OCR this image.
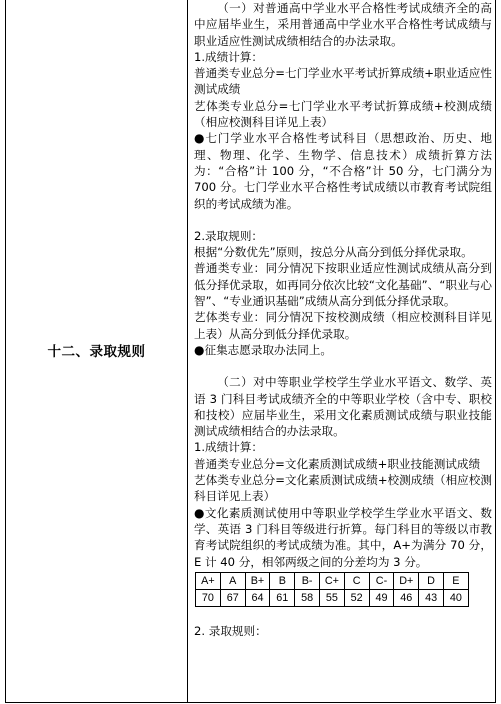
十二、录取规则

（一）对普通高中学业水平合格性考试成绩齐全的高中应届毕业生，采用普通高中学业水平合格性考试成绩与职业适应性测试成绩相结合的办法录取。

1.成绩计算：

普通类专业总分=七门学业水平考试折算成绩+职业适应性测试成绩

艺体类专业总分=七门学业水平考试折算成绩+校测成绩（相应校测科目详见上表）

●七门学业水平合格性考试科目（思想政治、历史、地理、物理、化学、生物学、信息技术）成绩折算方法为：“合格”计 100 分，“不合格”计 50 分，七门满分为 700 分。七门学业水平合格性考试成绩以市教育考试院组织的考试成绩为准。

2.录取规则：

根据“分数优先”原则，按总分从高分到低分择优录取。

普通类专业：同分情况下按职业适应性测试成绩从高分到低分择优录取，如再同分依次比较“文化基础”、“职业与心智”、“专业通识基础”成绩从高分到低分择优录取。

艺体类专业：同分情况下按校测成绩（相应校测科目详见上表）从高分到低分择优录取。

●征集志愿录取办法同上。

（二）对中等职业学校学生学业水平语文、数学、英语 3 门科目考试成绩齐全的中等职业学校（含中专、职校和技校）应届毕业生，采用文化素质测试成绩与职业技能测试成绩相结合的办法录取。

1.成绩计算：

普通类专业总分=文化素质测试成绩+职业技能测试成绩

艺体类专业总分=文化素质测试成绩+校测成绩（相应校测科目详见上表）

●文化素质测试使用中等职业学校学生学业水平语文、数学、英语 3 门科目等级进行折算。每门科目的等级以市教育考试院组织的考试成绩为准。其中，A+为满分 70 分，E 计 40 分，相邻两级之间的分差均为 3 分。

A+	A	B+	B	B-	C+	C	C-	D+	D	E
70	67	64	61	58	55	52	49	46	43	40

2. 录取规则：
